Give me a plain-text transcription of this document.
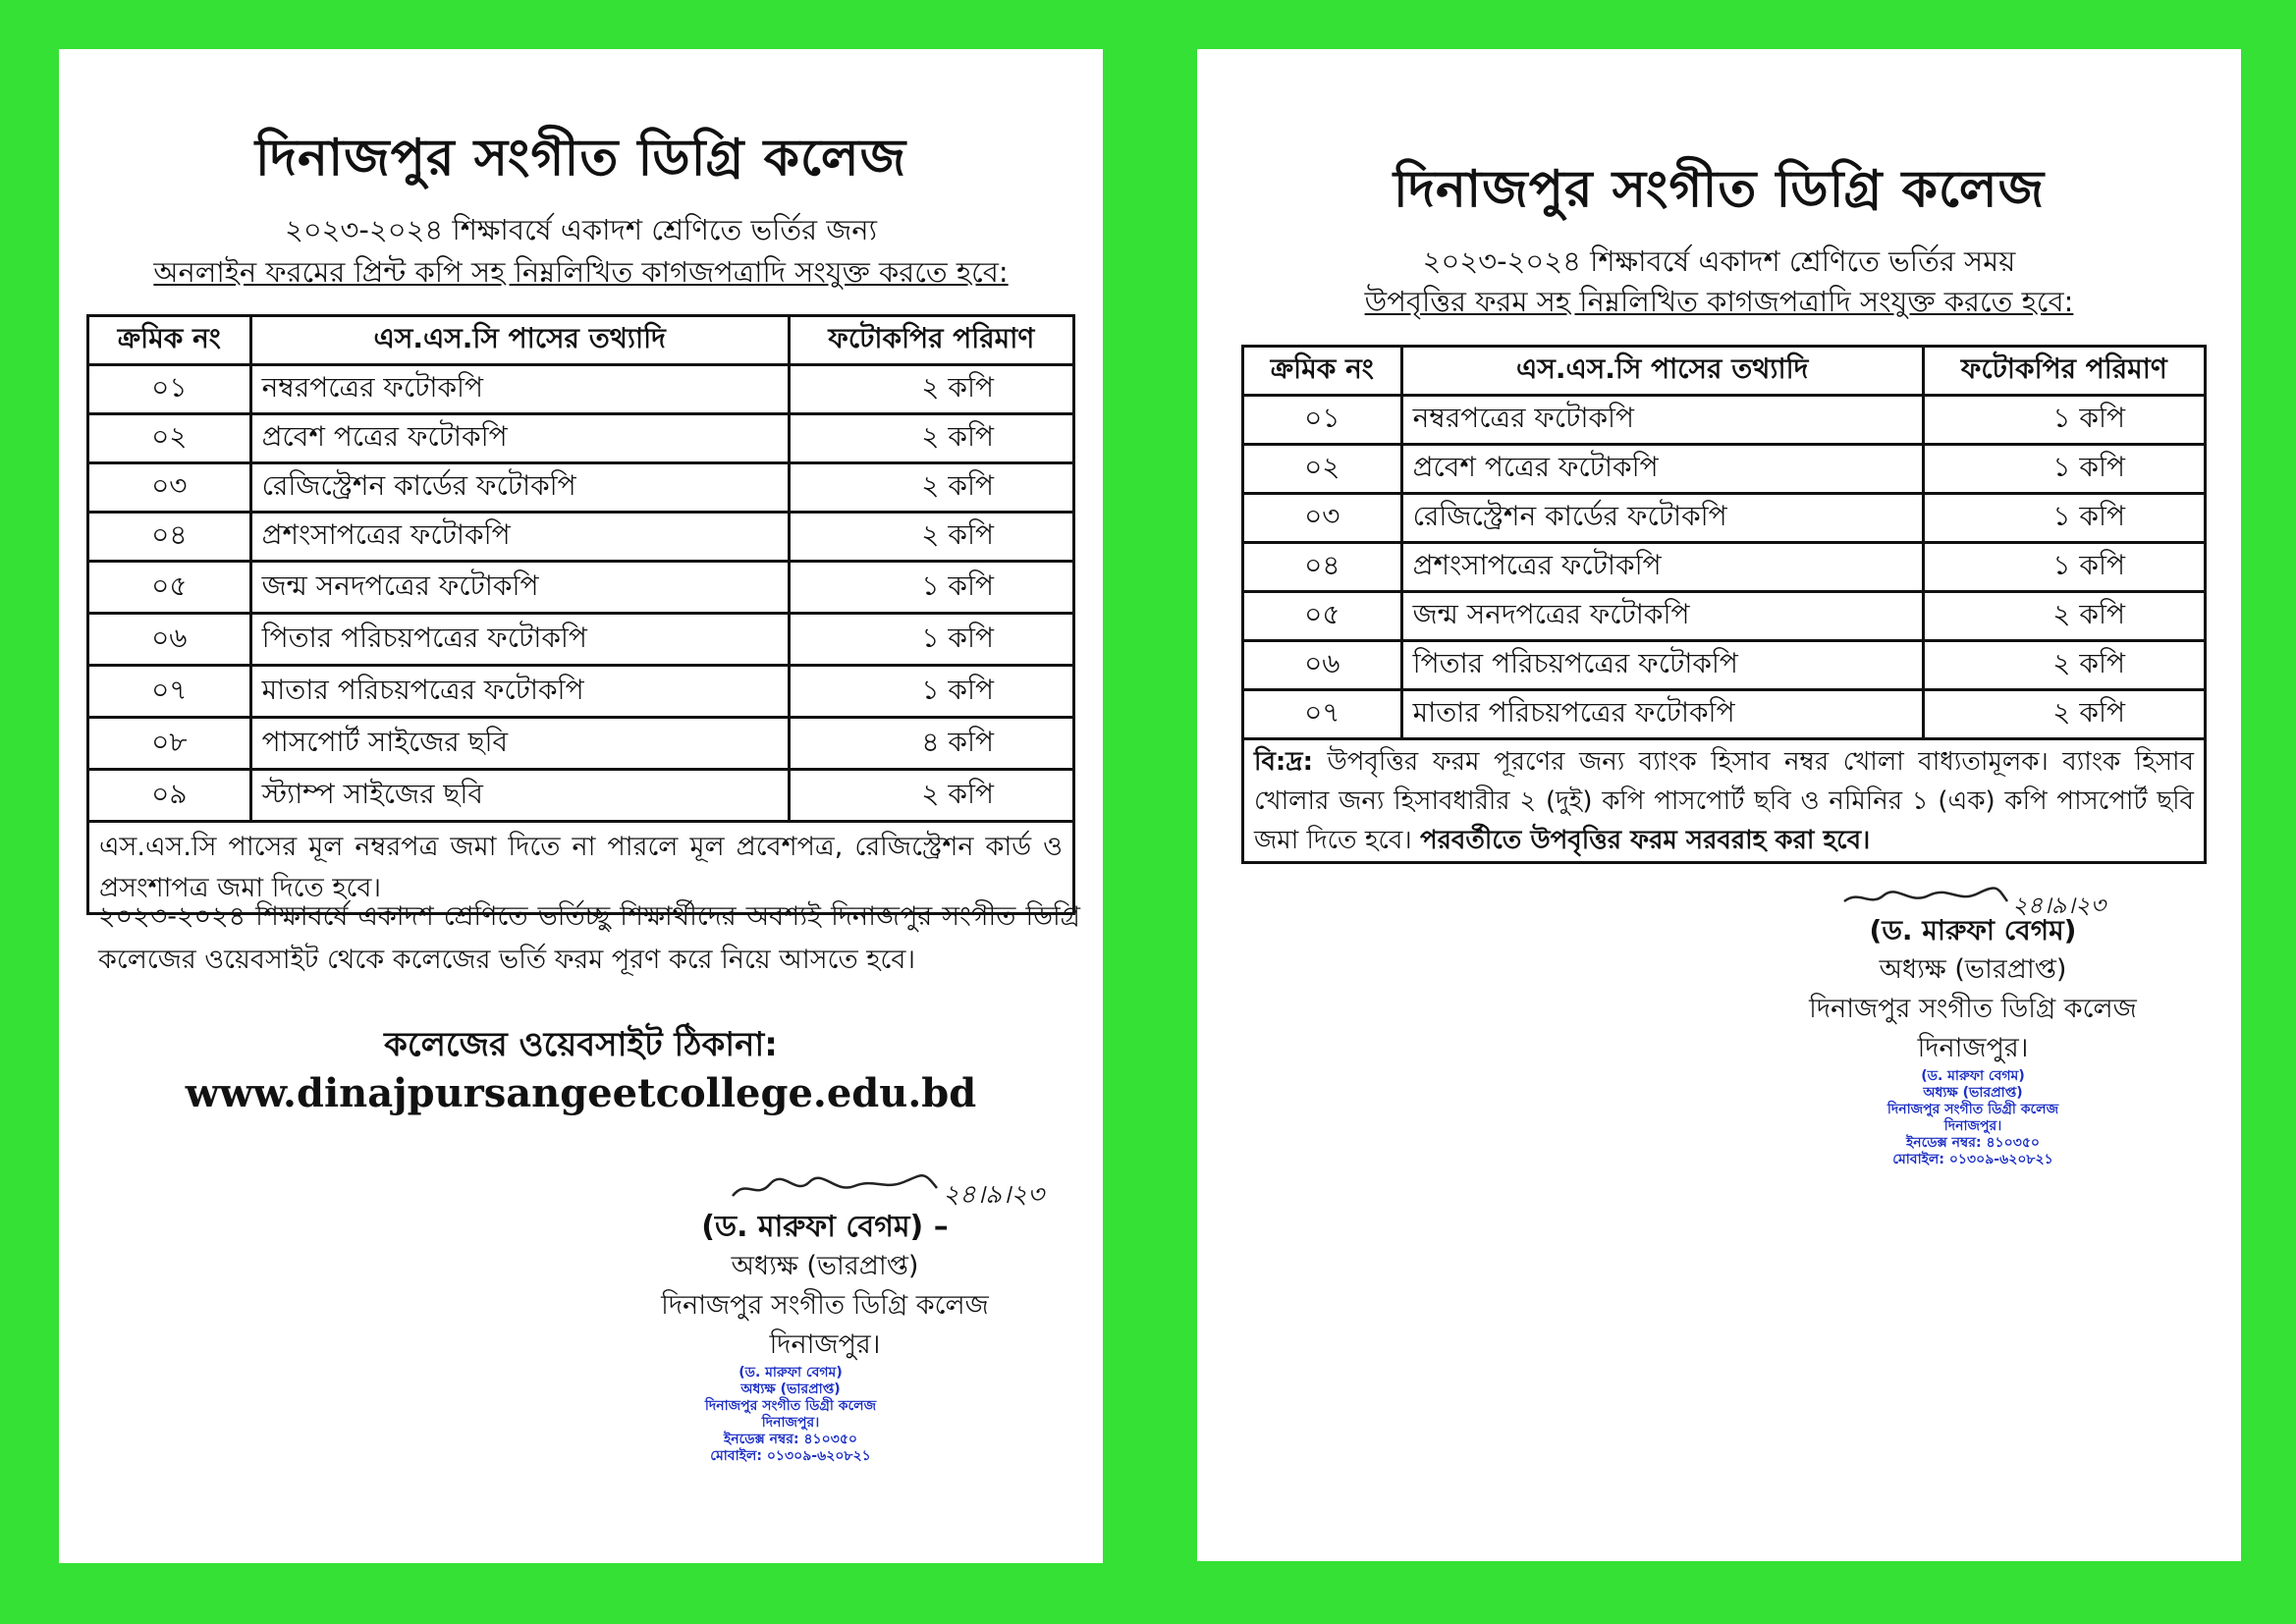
দিনাজপুর সংগীত ডিগ্রি কলেজ
২০২৩-২০২৪ শিক্ষাবর্ষে একাদশ শ্রেণিতে ভর্তির জন্য
অনলাইন ফরমের প্রিন্ট কপি সহ নিম্নলিখিত কাগজপত্রাদি সংযুক্ত করতে হবে:
ক্রমিক নং	এস.এস.সি পাসের তথ্যাদি	ফটোকপির পরিমাণ
০১	নম্বরপত্রের ফটোকপি	২ কপি
০২	প্রবেশ পত্রের ফটোকপি	২ কপি
০৩	রেজিস্ট্রেশন কার্ডের ফটোকপি	২ কপি
০৪	প্রশংসাপত্রের ফটোকপি	২ কপি
০৫	জন্ম সনদপত্রের ফটোকপি	১ কপি
০৬	পিতার পরিচয়পত্রের ফটোকপি	১ কপি
০৭	মাতার পরিচয়পত্রের ফটোকপি	১ কপি
০৮	পাসপোর্ট সাইজের ছবি	৪ কপি
০৯	স্ট্যাম্প সাইজের ছবি	২ কপি
এস.এস.সি পাসের মূল নম্বরপত্র জমা দিতে না পারলে মূল প্রবেশপত্র, রেজিস্ট্রেশন কার্ড ও প্রসংশাপত্র জমা দিতে হবে।		
২০২৩-২০২৪ শিক্ষাবর্ষে একাদশ শ্রেণিতে ভর্তিচ্ছু শিক্ষার্থীদের অবশ্যই দিনাজপুর সংগীত ডিগ্রি কলেজের ওয়েবসাইট থেকে কলেজের ভর্তি ফরম পূরণ করে নিয়ে আসতে হবে।
কলেজের ওয়েবসাইট ঠিকানা:
www.dinajpursangeetcollege.edu.bd
২৪।৯।২৩
(ড. মারুফা বেগম) –
অধ্যক্ষ (ভারপ্রাপ্ত)
দিনাজপুর সংগীত ডিগ্রি কলেজ
দিনাজপুর।
(ড. মারুফা বেগম)
অধ্যক্ষ (ভারপ্রাপ্ত)
দিনাজপুর সংগীত ডিগ্রী কলেজ
দিনাজপুর।
ইনডেক্স নম্বর: ৪১০৩৫০
মোবাইল: ০১৩০৯-৬২০৮২১
দিনাজপুর সংগীত ডিগ্রি কলেজ
২০২৩-২০২৪ শিক্ষাবর্ষে একাদশ শ্রেণিতে ভর্তির সময়
উপবৃত্তির ফরম সহ নিম্নলিখিত কাগজপত্রাদি সংযুক্ত করতে হবে:
ক্রমিক নং	এস.এস.সি পাসের তথ্যাদি	ফটোকপির পরিমাণ
০১	নম্বরপত্রের ফটোকপি	১ কপি
০২	প্রবেশ পত্রের ফটোকপি	১ কপি
০৩	রেজিস্ট্রেশন কার্ডের ফটোকপি	১ কপি
০৪	প্রশংসাপত্রের ফটোকপি	১ কপি
০৫	জন্ম সনদপত্রের ফটোকপি	২ কপি
০৬	পিতার পরিচয়পত্রের ফটোকপি	২ কপি
০৭	মাতার পরিচয়পত্রের ফটোকপি	২ কপি
বি:দ্র: উপবৃত্তির ফরম পূরণের জন্য ব্যাংক হিসাব নম্বর খোলা বাধ্যতামূলক। ব্যাংক হিসাব খোলার জন্য হিসাবধারীর ২ (দুই) কপি পাসপোর্ট ছবি ও নমিনির ১ (এক) কপি পাসপোর্ট ছবি জমা দিতে হবে। পরবর্তীতে উপবৃত্তির ফরম সরবরাহ করা হবে।		
২৪।৯।২৩
(ড. মারুফা বেগম)
অধ্যক্ষ (ভারপ্রাপ্ত)
দিনাজপুর সংগীত ডিগ্রি কলেজ
দিনাজপুর।
(ড. মারুফা বেগম)
অধ্যক্ষ (ভারপ্রাপ্ত)
দিনাজপুর সংগীত ডিগ্রী কলেজ
দিনাজপুর।
ইনডেক্স নম্বর: ৪১০৩৫০
মোবাইল: ০১৩০৯-৬২০৮২১
